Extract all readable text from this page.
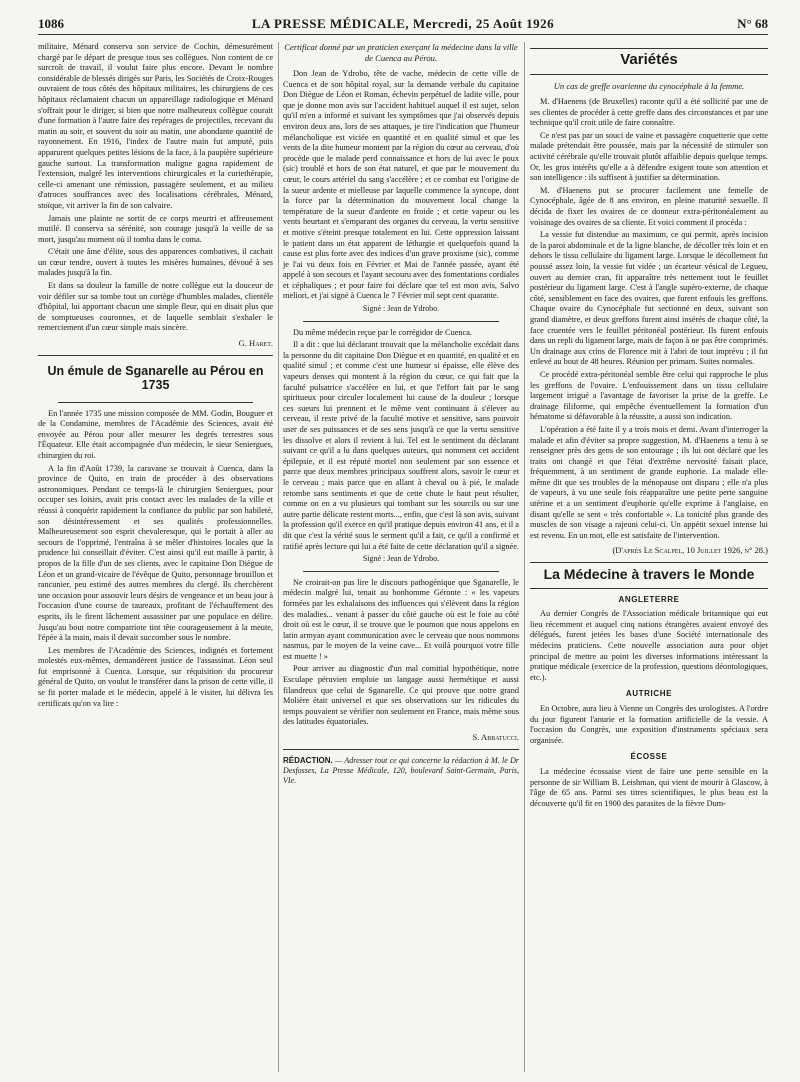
1086	LA PRESSE MÉDICALE, Mercredi, 25 Août 1926	N° 68

militaire, Ménard conserva son service de Cochin, démesurément chargé par le départ de presque tous ses collègues. Non content de ce surcroît de travail, il voulut faire plus encore. Devant le nombre considérable de blessés dirigés sur Paris, les Sociétés de Croix-Rouges ouvraient de tous côtés des hôpitaux militaires, les chirurgiens de ces hôpitaux réclamaient chacun un appareillage radiologique et Ménard s'offrait pour le diriger, si bien que notre malheureux collègue courait d'une formation à l'autre faire des repérages de projectiles, recevant du matin au soir, et souvent du soir au matin, une abondante quantité de rayonnement. En 1916, l'index de l'autre main fut amputé, puis apparurent quelques petites lésions de la face, à la paupière supérieure gauche surtout. La transformation maligne gagna rapidement de l'extension, malgré les interventions chirurgicales et la curiethérapie, celle-ci amenant une rémission, passagère seulement, et au milieu d'atroces souffrances avec des localisations cérébrales, Ménard, stoïque, vit arriver la fin de son calvaire.

Jamais une plainte ne sortit de ce corps meurtri et affreusement mutilé. Il conserva sa sérénité, son courage jusqu'à la veille de sa mort, jusqu'au moment où il tomba dans le coma.

C'était une âme d'élite, sous des apparences combatives, il cachait un cœur tendre, ouvert à toutes les misères humaines, dévoué à ses malades jusqu'à la fin.

Et dans sa douleur la famille de notre collègue eut la douceur de voir défiler sur sa tombe tout un cortège d'humbles malades, clientèle d'hôpital, lui apportant chacun une simple fleur, qui en disait plus que de somptueuses couronnes, et de laquelle semblait s'exhaler le remerciement d'un cœur simple mais sincère.

G. Haret.
Un émule de Sganarelle au Pérou en 1735

En l'année 1735 une mission composée de MM. Godin, Bouguer et de la Condamine, membres de l'Académie des Sciences, avait été envoyée au Pérou pour aller mesurer les degrés terrestres sous l'Équateur. Elle était accompagnée d'un médecin, le sieur Seniergues, chirurgien du roi.

A la fin d'Août 1739, la caravane se trouvait à Cuenca, dans la province de Quito, en train de procéder à des observations astronomiques. Pendant ce temps-là le chirurgien Seniergues, pour occuper ses loisirs, avait pris contact avec les malades de la ville et réussi à conquérir rapidement la confiance du public par son habileté, son désintéressement et ses qualités professionnelles. Malheureusement son esprit chevaleresque, qui le portait à aller au secours de l'opprimé, l'entraîna à se mêler d'histoires locales que la prudence lui conseillait d'éviter. C'est ainsi qu'il eut maille à partir, à propos de la fille d'un de ses clients, avec le capitaine Don Diègue de Léon et un grand-vicaire de l'évêque de Quito, personnage brouillon et rancunier, peu estimé des autres membres du clergé. Ils cherchèrent une occasion pour assouvir leurs désirs de vengeance et un beau jour à l'occasion d'une course de taureaux, profitant de l'échauffement des esprits, ils le firent lâchement assassiner par une populace en délire. Jusqu'au bout notre compatriote tint tête courageusement à la meute, l'épée à la main, mais il devait succomber sous le nombre.

Les membres de l'Académie des Sciences, indignés et fortement molestés eux-mêmes, demandèrent justice de l'assassinat. Léon seul fut emprisonné à Cuenca. Lorsque, sur réquisition du procureur général de Quito, on voulut le transférer dans la prison de cette ville, il se fit porter malade et le médecin, appelé à le visiter, lui délivra les certificats qu'on va lire :

Certificat donné par un praticien exerçant la médecine dans la ville de Cuenca au Pérou.

Don Jean de Ydrobo, tête de vache, médecin de cette ville de Cuenca et de son hôpital royal, sur la demande verbale du capitaine Don Diègue de Léon et Roman, échevin perpétuel de ladite ville, pour que je donne mon avis sur l'accident habituel auquel il est sujet, selon qu'il m'en a informé et suivant les symptômes que j'ai observés depuis environ deux ans, lors de ses attaques, je tire l'indication que l'humeur mélancholique est viciée en quantité et en qualité simul et que les vents de la dite humeur montent par la région du cœur au cerveau, d'où procède que le malade perd connaissance et hors de lui avec le poux (sic) troublé et hors de son état naturel, et que par le mouvement du cœur, le cours artériel du sang s'accélère ; et ce combat est l'origine de la sueur ardente et mielleuse par laquelle commence la syncope, dont la force par la détermination du mouvement local change la température de la sueur d'ardente en froide ; et cette vapeur ou les vents heurtant et s'emparant des organes du cerveau, la vertu sensitive et motive s'éteint presque totalement en lui. Cette oppression laissant le patient dans un état apparent de léthargie et quelquefois quand la cause est plus forte avec des indices d'un grave proxisme (sic), comme je l'ai vu deux fois en Février et Mai de l'année passée, ayant été appelé à son secours et l'ayant secouru avec des fomentations cordiales et céphaliques ; et pour faire foi déclare que tel est mon avis, Salvo meliori, et j'ai signé à Cuenca le 7 Février mil sept cent quarante.

Signé : Jean de Ydrobo.

Du même médecin reçue par le corrégidor de Cuenca.

Il a dit : que lui déclarant trouvait que la mélancholie excédait dans la personne du dit capitaine Don Diègue et en quantité, en qualité et en qualité simul ; et comme c'est une humeur si épaisse, elle élève des vapeurs denses qui montent à la région du cœur, ce qui fait que la faculté pulsatrice s'accélère en lui, et que l'effort fait par le sang spiritueux pour circuler localement lui cause de la douleur ; lorsque ces sueurs lui prennent et le même vent continuant à s'élever au cerveau, il reste privé de la faculté motive et sensitive, sans pouvoir user de ses puissances et de ses sens jusqu'à ce que la vertu sensitive les dissolve et alors il revient à lui. Tel est le sentiment du déclarant suivant ce qu'il a lu dans quelques auteurs, qui nomment cet accident épilepsie, et il est réputé mortel non seulement par son essence et parce que deux membres principaux souffrent alors, savoir le cœur et le cerveau ; mais parce que en allant à cheval ou à pié, le malade retombe sans sentiments et que de cette chute le haut peut résulter, comme on en a vu plusieurs qui tombant sur les sourcils ou sur une autre partie délicate restent morts..., enfin, que c'est là son avis, suivant la profession qu'il exerce en qu'il pratique depuis environ 41 ans, et il a dit que c'est la vérité sous le serment qu'il a fait, ce qu'il a confirmé et ratifié après lecture qui lui a été faite de cette déclaration qu'il a signée.

Signé : Jean de Ydrobo.

Ne croirait-on pas lire le discours pathogénique que Sganarelle, le médecin malgré lui, tenait au bonhomme Géronte : « les vapeurs formées par les exhalaisons des influences qui s'élèvent dans la région des maladies... venant à passer du côté gauche où est le foie au côté droit où est le cœur, il se trouve que le poumon que nous appelons en latin armyan ayant communication avec le cerveau que nous nommons nasmus, par le moyen de la veine cave... Et voilà pourquoi votre fille est muette ! »

Pour arriver au diagnostic d'un mal comitial hypothétique, notre Esculape péruvien emploie un langage aussi hermétique et aussi filandreux que celui de Sganarelle. Ce qui prouve que notre grand Molière était universel et que ses observations sur les ridicules du temps pouvaient se vérifier non seulement en France, mais même sous des latitudes équatoriales.

S. Abbatucci.
RÉDACTION. — Adresser tout ce qui concerne la rédaction à M. le Dr Desfosses, La Presse Médicale, 120, boulevard Saint-Germain, Paris, VIe.
Variétés
Un cas de greffe ovarienne du cynocéphale à la femme.

M. d'Haenens (de Bruxelles) raconte qu'il a été sollicité par une de ses clientes de procéder à cette greffe dans des circonstances et par une technique qu'il croit utile de faire connaître.

Ce n'est pas par un souci de vaine et passagère coquetterie que cette malade prétendait être poussée, mais par la nécessité de stimuler son activité cérébrale qu'elle trouvait plutôt affaiblie depuis quelque temps. Or, les gros intérêts qu'elle a à défendre exigent toute son attention et son intelligence : ils suffisent à justifier sa détermination.

M. d'Haenens put se procurer facilement une femelle de Cynocéphale, âgée de 8 ans environ, en pleine maturité sexuelle. Il décida de fixer les ovaires de ce donneur extra-péritonéalement au voisinage des ovaires de sa cliente. Et voici comment il procéda :

La vessie fut distendue au maximum, ce qui permit, après incision de la paroi abdominale et de la ligne blanche, de décoller très loin et en dehors le tissu cellulaire du ligament large. Lorsque le décollement fut poussé assez loin, la vessie fut vidée ; un écarteur vésical de Legueu, ouvert au dernier cran, fit apparaître très nettement tout le feuillet postérieur du ligament large. C'est à l'angle supéro-externe, de chaque côté, sensiblement en face des ovaires, que furent enfouis les greffons. Chaque ovaire du Cynocéphale fut sectionné en deux, suivant son grand diamètre, et deux greffons furent ainsi insérés de chaque côté, la face cruentée vers le feuillet péritonéal postérieur. Ils furent enfouis dans un repli du ligament large, mais de façon à ne pas être comprimés. Un drainage aux crins de Florence mit à l'abri de tout imprévu ; il fut enlevé au bout de 48 heures. Réunion per primam. Suites normales.

Ce procédé extra-péritonéal semble être celui qui rapproche le plus les greffons de l'ovaire. L'enfouissement dans un tissu cellulaire largement irrigué a l'avantage de favoriser la prise de la greffe. Le drainage filiforme, qui empêche éventuellement la formation d'un hématome si défavorable à la réussite, a aussi son indication.

L'opération a été faite il y a trois mois et demi. Avant d'interroger la malade et afin d'éviter sa propre suggestion, M. d'Haenens a tenu à se renseigner près des gens de son entourage ; ils lui ont déclaré que les traits ont changé et que l'état d'extrême nervosité faisait place, fréquemment, à un sentiment de grande euphorie. La malade elle-même dit que ses troubles de la ménopause ont disparu ; elle n'a plus de vapeurs, à vu une seule fois réapparaître une petite perte sanguine utérine et a un sentiment d'euphorie qu'elle exprime à l'anglaise, en disant qu'elle se sent « très confortable ». La tonicité plus grande des muscles de son visage a rajeuni celui-ci. Un appétit sexuel intense lui est revenu. En un mot, elle est satisfaite de l'intervention.

(D'après Le Scalpel, 10 Juillet 1926, n° 28.)
La Médecine à travers le Monde
ANGLETERRE

Au dernier Congrès de l'Association médicale britannique qui eut lieu récemment et auquel cinq nations étrangères avaient envoyé des délégués, furent jetées les bases d'une Société internationale des médecins praticiens. Cette nouvelle association aura pour objet principal de mettre au point les diverses informations intéressant la pratique médicale (exercice de la profession, questions déontologiques, etc.).

AUTRICHE

En Octobre, aura lieu à Vienne un Congrès des urologistes. A l'ordre du jour figurent l'anurie et la formation artificielle de la vessie. A l'occasion du Congrès, une exposition d'instruments spéciaux sera organisée.

ÉCOSSE

La médecine écossaise vient de faire une perte sensible en la personne de sir William B. Leishman, qui vient de mourir à Glascow, à l'âge de 65 ans. Parmi ses titres scientifiques, le plus beau est la découverte qu'il fit en 1900 des parasites de la fièvre Dum-
